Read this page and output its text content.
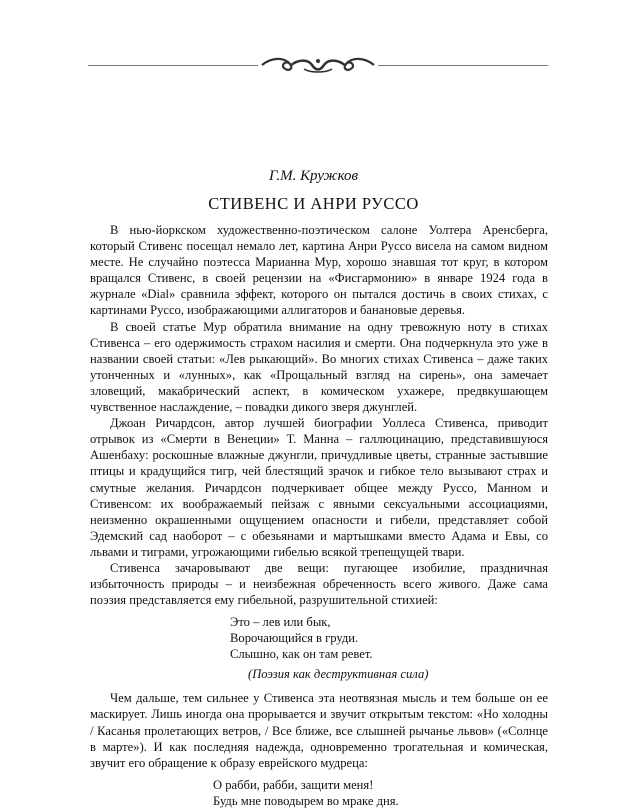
Г.М. Кружков
СТИВЕНС И АНРИ РУССО

В нью-йоркском художественно-поэтическом салоне Уолтера Аренсберга, который Стивенс посещал немало лет, картина Анри Руссо висела на самом видном месте. Не случайно поэтесса Марианна Мур, хорошо знавшая тот круг, в котором вращался Стивенс, в своей рецензии на «Фисгармонию» в январе 1924 года в журнале «Dial» сравнила эффект, которого он пытался достичь в своих стихах, с картинами Руссо, изображающими аллигаторов и банановые деревья.

В своей статье Мур обратила внимание на одну тревожную ноту в стихах Стивенса – его одержимость страхом насилия и смерти. Она подчеркнула это уже в названии своей статьи: «Лев рыкающий». Во многих стихах Стивенса – даже таких утонченных и «лунных», как «Прощальный взгляд на сирень», она замечает зловещий, макабрический аспект, в комическом ухажере, предвкушающем чувственное наслаждение, – повадки дикого зверя джунглей.

Джоан Ричардсон, автор лучшей биографии Уоллеса Стивенса, приводит отрывок из «Смерти в Венеции» Т. Манна – галлюцинацию, представившуюся Ашенбаху: роскошные влажные джунгли, причудливые цветы, странные застывшие птицы и крадущийся тигр, чей блестящий зрачок и гибкое тело вызывают страх и смутные желания. Ричардсон подчеркивает общее между Руссо, Манном и Стивенсом: их воображаемый пейзаж с явными сексуальными ассоциациями, неизменно окрашенными ощущением опасности и гибели, представляет собой Эдемский сад наоборот – с обезьянами и мартышками вместо Адама и Евы, со львами и тиграми, угрожающими гибелью всякой трепещущей твари.

Стивенса зачаровывают две вещи: пугающее изобилие, праздничная избыточность природы – и неизбежная обреченность всего живого. Даже сама поэзия представляется ему гибельной, разрушительной стихией:

Это – лев или бык,
Ворочающийся в груди.
Слышно, как он там ревет.
(Поэзия как деструктивная сила)

Чем дальше, тем сильнее у Стивенса эта неотвязная мысль и тем больше он ее маскирует. Лишь иногда она прорывается и звучит открытым текстом: «Но холодны / Касанья пролетающих ветров, / Все ближе, все слышней рычанье львов» («Солнце в марте»). И как последняя надежда, одновременно трогательная и комическая, звучит его обращение к образу еврейского мудреца:

О рабби, рабби, защити меня!
Будь мне поводырем во мраке дня.
